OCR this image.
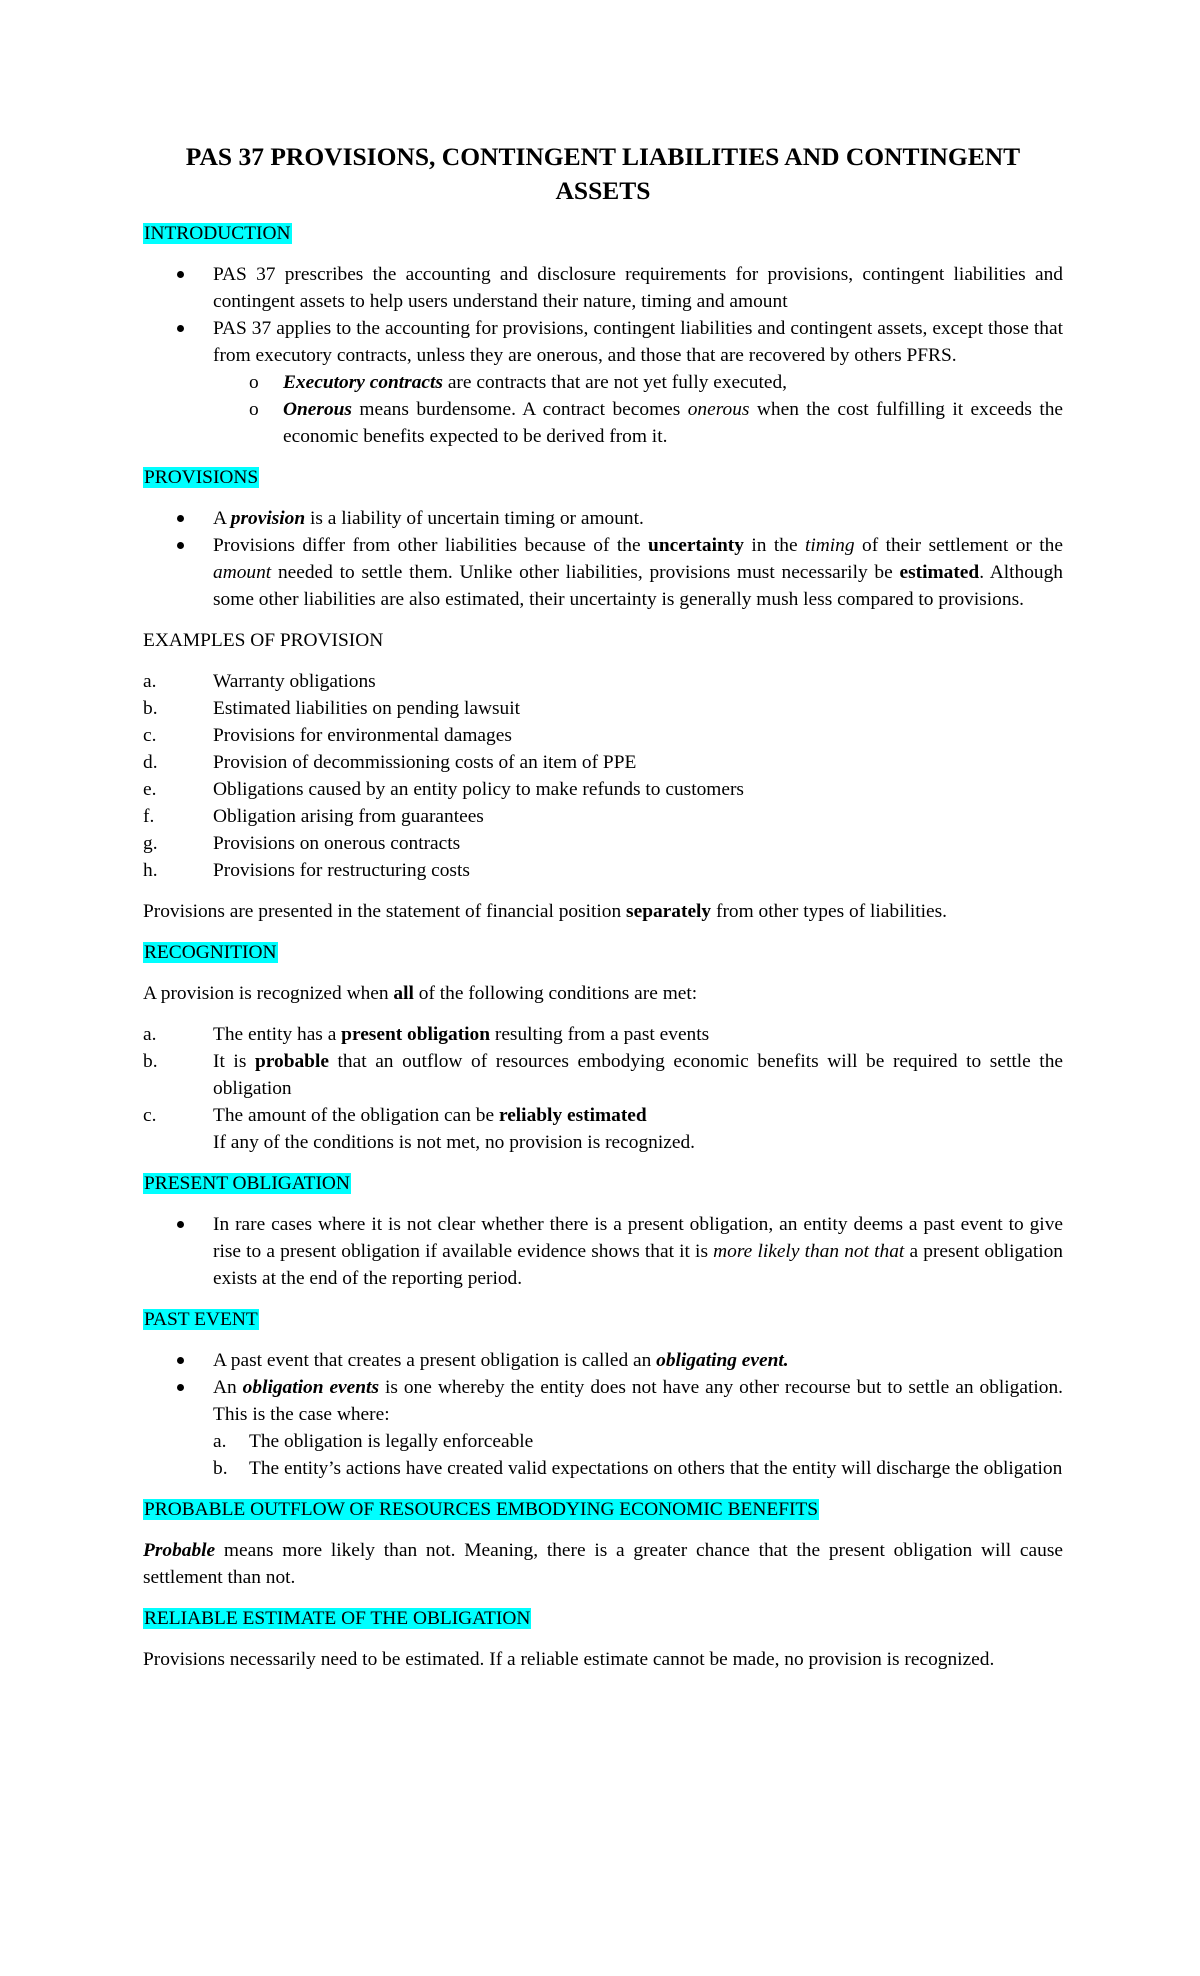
PAS 37 PROVISIONS, CONTINGENT LIABILITIES AND CONTINGENT ASSETS
INTRODUCTION
PAS 37 prescribes the accounting and disclosure requirements for provisions, contingent liabilities and contingent assets to help users understand their nature, timing and amount
PAS 37 applies to the accounting for provisions, contingent liabilities and contingent assets, except those that from executory contracts, unless they are onerous, and those that are recovered by others PFRS.
o Executory contracts are contracts that are not yet fully executed,
o Onerous means burdensome. A contract becomes onerous when the cost fulfilling it exceeds the economic benefits expected to be derived from it.
PROVISIONS
A provision is a liability of uncertain timing or amount.
Provisions differ from other liabilities because of the uncertainty in the timing of their settlement or the amount needed to settle them. Unlike other liabilities, provisions must necessarily be estimated. Although some other liabilities are also estimated, their uncertainty is generally mush less compared to provisions.
EXAMPLES OF PROVISION
a.	Warranty obligations
b.	Estimated liabilities on pending lawsuit
c.	Provisions for environmental damages
d.	Provision of decommissioning costs of an item of PPE
e.	Obligations caused by an entity policy to make refunds to customers
f.	Obligation arising from guarantees
g.	Provisions on onerous contracts
h.	Provisions for restructuring costs

Provisions are presented in the statement of financial position separately from other types of liabilities.

RECOGNITION

A provision is recognized when all of the following conditions are met:

a.	The entity has a present obligation resulting from a past events
b.	It is probable that an outflow of resources embodying economic benefits will be required to settle the obligation
c.	The amount of the obligation can be reliably estimated
If any of the conditions is not met, no provision is recognized.
PRESENT OBLIGATION
In rare cases where it is not clear whether there is a present obligation, an entity deems a past event to give rise to a present obligation if available evidence shows that it is more likely than not that a present obligation exists at the end of the reporting period.
PAST EVENT
A past event that creates a present obligation is called an obligating event.
An obligation events is one whereby the entity does not have any other recourse but to settle an obligation. This is the case where:
a. The obligation is legally enforceable
b. The entity’s actions have created valid expectations on others that the entity will discharge the obligation
PROBABLE OUTFLOW OF RESOURCES EMBODYING ECONOMIC BENEFITS

Probable means more likely than not. Meaning, there is a greater chance that the present obligation will cause settlement than not.

RELIABLE ESTIMATE OF THE OBLIGATION

Provisions necessarily need to be estimated. If a reliable estimate cannot be made, no provision is recognized.
